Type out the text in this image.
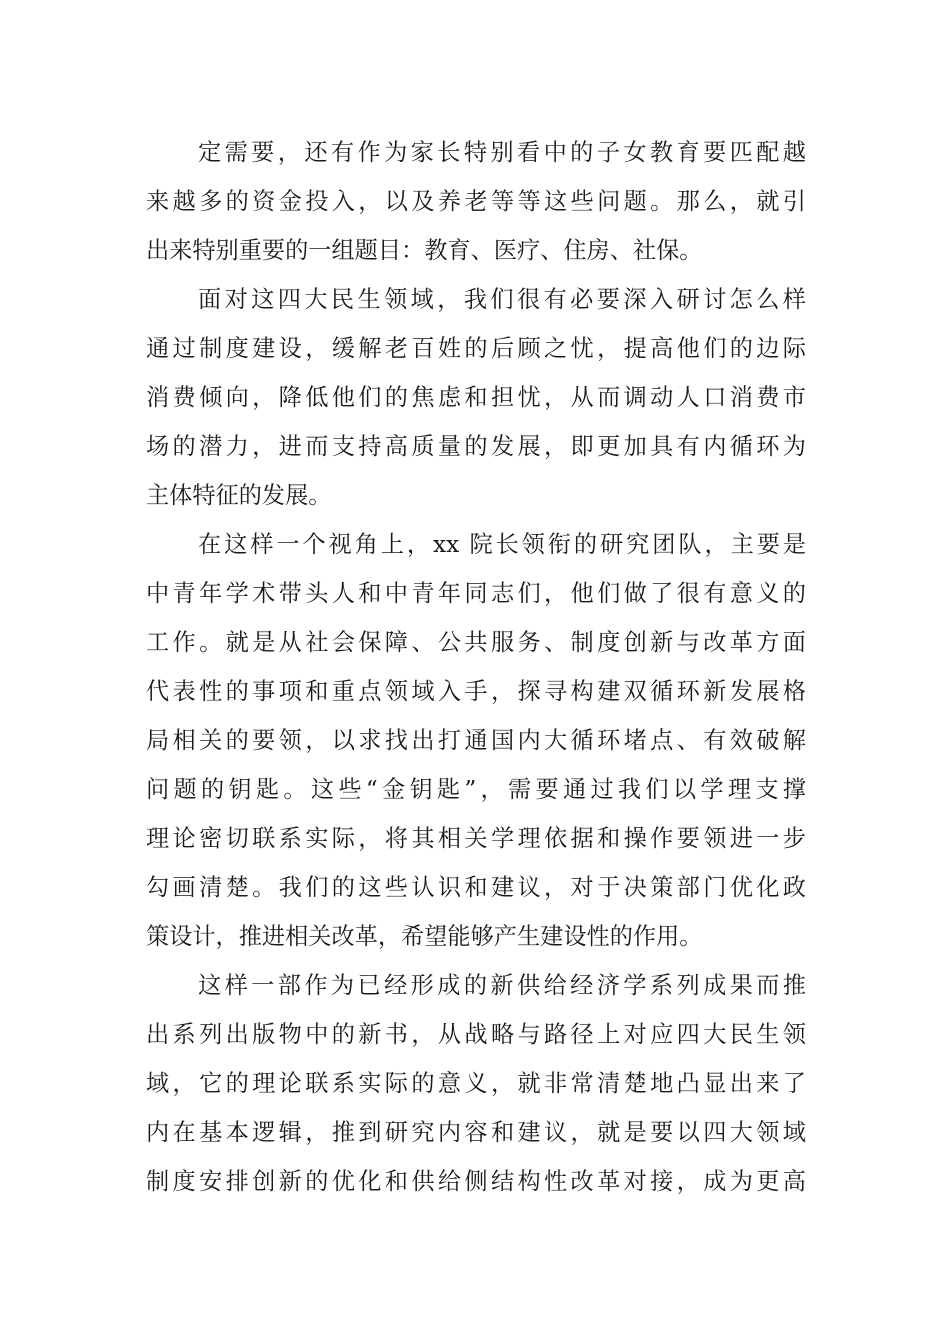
定需要，还有作为家长特别看中的子女教育要匹配越
来越多的资金投入，以及养老等等这些问题。那么，就引
出来特别重要的一组题目：教育、医疗、住房、社保。
面对这四大民生领域，我们很有必要深入研讨怎么样
通过制度建设，缓解老百姓的后顾之忧，提高他们的边际
消费倾向，降低他们的焦虑和担忧，从而调动人口消费市
场的潜力，进而支持高质量的发展，即更加具有内循环为
主体特征的发展。
在这样一个视角上，xx 院长领衔的研究团队，主要是
中青年学术带头人和中青年同志们，他们做了很有意义的
工作。就是从社会保障、公共服务、制度创新与改革方面
代表性的事项和重点领域入手，探寻构建双循环新发展格
局相关的要领，以求找出打通国内大循环堵点、有效破解
问题的钥匙。这些“金钥匙”，需要通过我们以学理支撑
理论密切联系实际，将其相关学理依据和操作要领进一步
勾画清楚。我们的这些认识和建议，对于决策部门优化政
策设计，推进相关改革，希望能够产生建设性的作用。
这样一部作为已经形成的新供给经济学系列成果而推
出系列出版物中的新书，从战略与路径上对应四大民生领
域，它的理论联系实际的意义，就非常清楚地凸显出来了
内在基本逻辑，推到研究内容和建议，就是要以四大领域
制度安排创新的优化和供给侧结构性改革对接，成为更高
